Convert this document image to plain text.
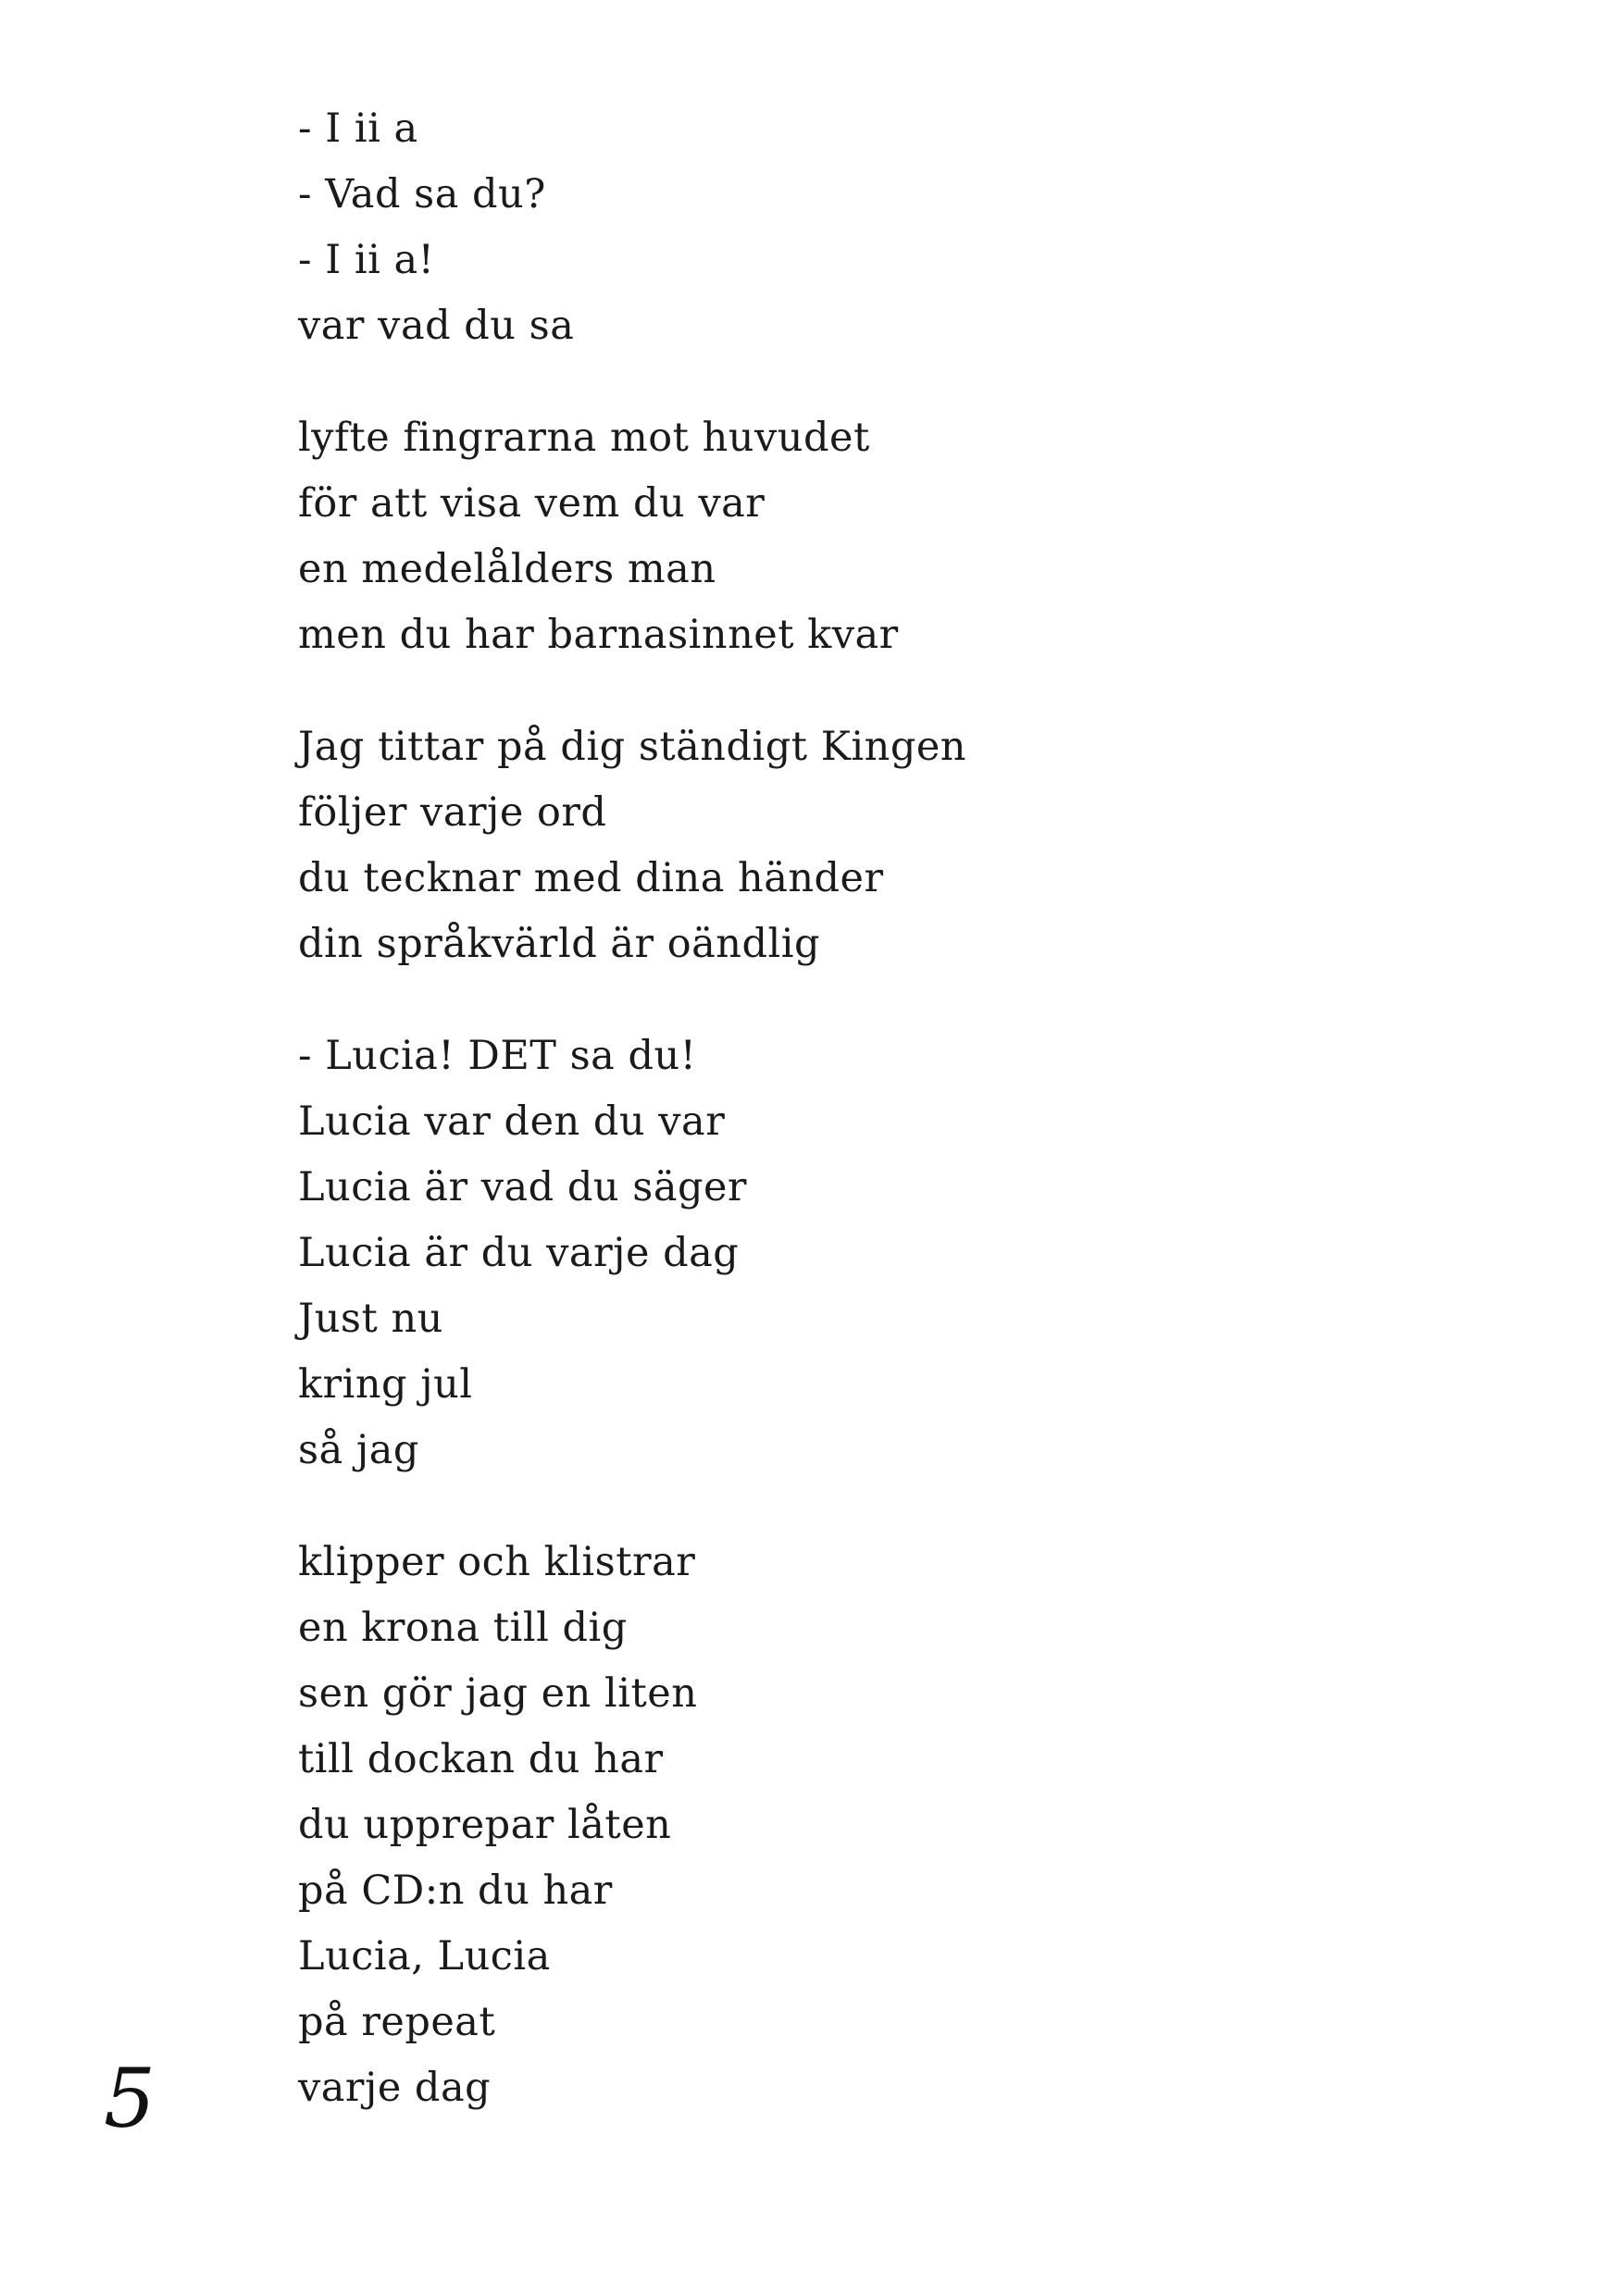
- I ii a
- Vad sa du?
- I ii a!
var vad du sa
lyfte fingrarna mot huvudet
för att visa vem du var
en medelålders man
men du har barnasinnet kvar
Jag tittar på dig ständigt Kingen
följer varje ord
du tecknar med dina händer
din språkvärld är oändlig
- Lucia! DET sa du!
Lucia var den du var
Lucia är vad du säger
Lucia är du varje dag
Just nu
kring jul
så jag
klipper och klistrar
en krona till dig
sen gör jag en liten
till dockan du har
du upprepar låten
på CD:n du har
Lucia, Lucia
på repeat
varje dag
5
